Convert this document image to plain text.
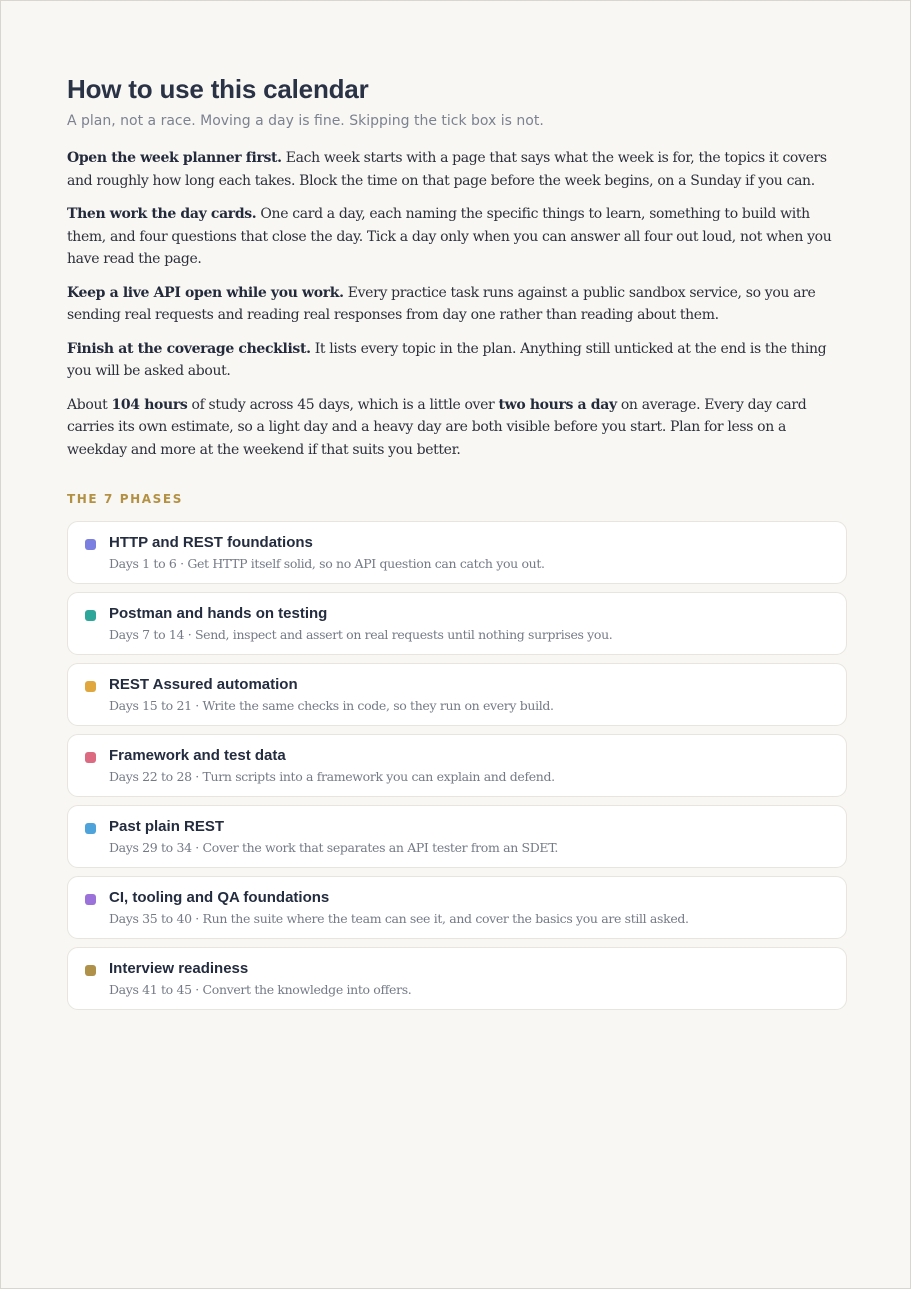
How to use this calendar

A plan, not a race. Moving a day is fine. Skipping the tick box is not.

Open the week planner first. Each week starts with a page that says what the week is for, the topics it covers and roughly how long each takes. Block the time on that page before the week begins, on a Sunday if you can.

Then work the day cards. One card a day, each naming the specific things to learn, something to build with them, and four questions that close the day. Tick a day only when you can answer all four out loud, not when you have read the page.

Keep a live API open while you work. Every practice task runs against a public sandbox service, so you are sending real requests and reading real responses from day one rather than reading about them.

Finish at the coverage checklist. It lists every topic in the plan. Anything still unticked at the end is the thing you will be asked about.

About 104 hours of study across 45 days, which is a little over two hours a day on average. Every day card carries its own estimate, so a light day and a heavy day are both visible before you start. Plan for less on a weekday and more at the weekend if that suits you better.

THE 7 PHASES

HTTP and REST foundations

Days 1 to 6 · Get HTTP itself solid, so no API question can catch you out.

Postman and hands on testing

Days 7 to 14 · Send, inspect and assert on real requests until nothing surprises you.

REST Assured automation

Days 15 to 21 · Write the same checks in code, so they run on every build.

Framework and test data

Days 22 to 28 · Turn scripts into a framework you can explain and defend.

Past plain REST

Days 29 to 34 · Cover the work that separates an API tester from an SDET.

CI, tooling and QA foundations

Days 35 to 40 · Run the suite where the team can see it, and cover the basics you are still asked.

Interview readiness

Days 41 to 45 · Convert the knowledge into offers.
